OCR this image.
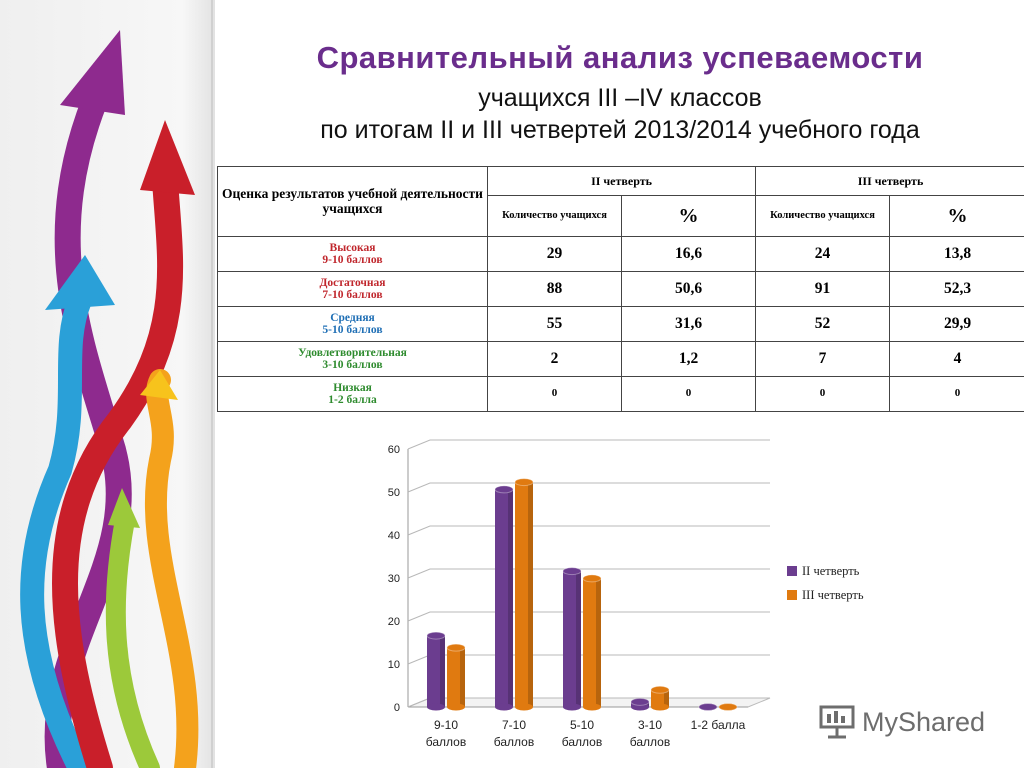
Сравнительный анализ успеваемости
учащихся III –IV классов
по итогам II и III четвертей 2013/2014 учебного года
Оценка результатов учебной деятельности учащихся	II четверть		III четверть	
	Количество учащихся	%	Количество учащихся	%

Высокая
9-10 баллов	29	16,6	24	13,8

Достаточная
7-10 баллов	88	50,6	91	52,3

Средняя
5-10 баллов	55	31,6	52	29,9

Удовлетворительная
3-10 баллов	2	1,2	7	4

Низкая
1-2 балла	0	0	0	0
0
10
20
30
40
50
60
9-10
баллов
7-10
баллов
5-10
баллов
3-10
баллов
1-2 балла
II четверть
III четверть
MyShared
